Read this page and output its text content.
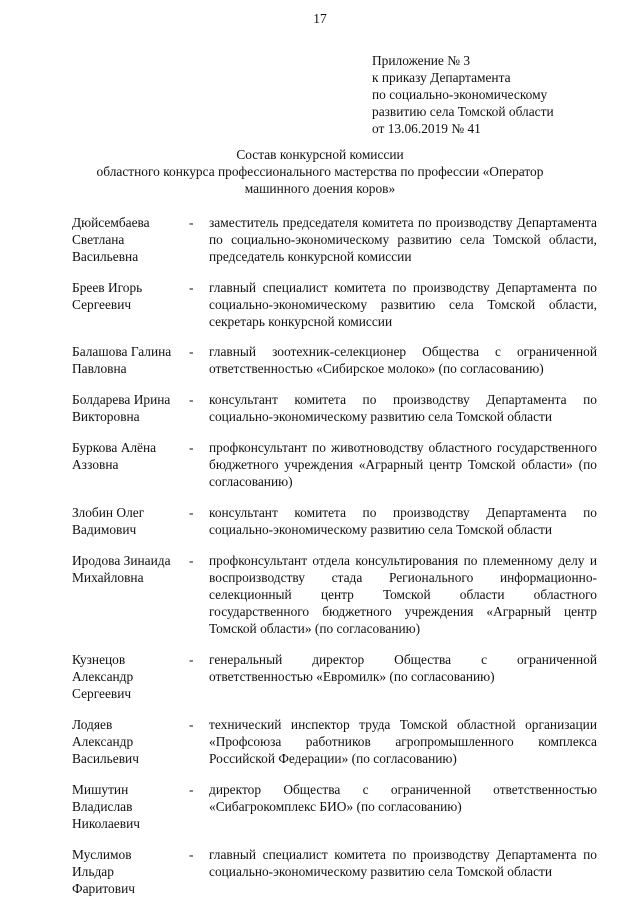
17
Приложение № 3
к приказу Департамента
по социально-экономическому
развитию села Томской области
от 13.06.2019 № 41
Состав конкурсной комиссии
областного конкурса профессионального мастерства по профессии «Оператор
машинного доения коров»
Дюйсембаева
Светлана
Васильевна
-	заместитель председателя комитета по производству Департамента по социально-экономическому развитию села Томской области, председатель конкурсной комиссии
Бреев Игорь
Сергеевич
-	главный специалист комитета по производству Департамента по социально-экономическому развитию села Томской области, секретарь конкурсной комиссии
Балашова Галина
Павловна
-	главный зоотехник-селекционер Общества с ограниченной ответственностью «Сибирское молоко» (по согласованию)
Болдарева Ирина
Викторовна
-	консультант комитета по производству Департамента по социально-экономическому развитию села Томской области
Буркова Алёна
Аззовна
-	профконсультант по животноводству областного государственного бюджетного учреждения «Аграрный центр Томской области» (по согласованию)
Злобин Олег
Вадимович
-	консультант комитета по производству Департамента по социально-экономическому развитию села Томской области
Иродова Зинаида
Михайловна
-	профконсультант отдела консультирования по племенному делу и воспроизводству стада Регионального информационно-селекционный центр Томской области областного государственного бюджетного учреждения «Аграрный центр Томской области» (по согласованию)
Кузнецов
Александр
Сергеевич
-	генеральный директор Общества с ограниченной ответственностью «Евромилк» (по согласованию)
Лодяев
Александр
Васильевич
-	технический инспектор труда Томской областной организации «Профсоюза работников агропромышленного комплекса Российской Федерации» (по согласованию)
Мишутин
Владислав
Николаевич
-	директор Общества с ограниченной ответственностью «Сибагрокомплекс БИО» (по согласованию)
Муслимов
Ильдар
Фаритович
-	главный специалист комитета по производству Департамента по социально-экономическому развитию села Томской области
